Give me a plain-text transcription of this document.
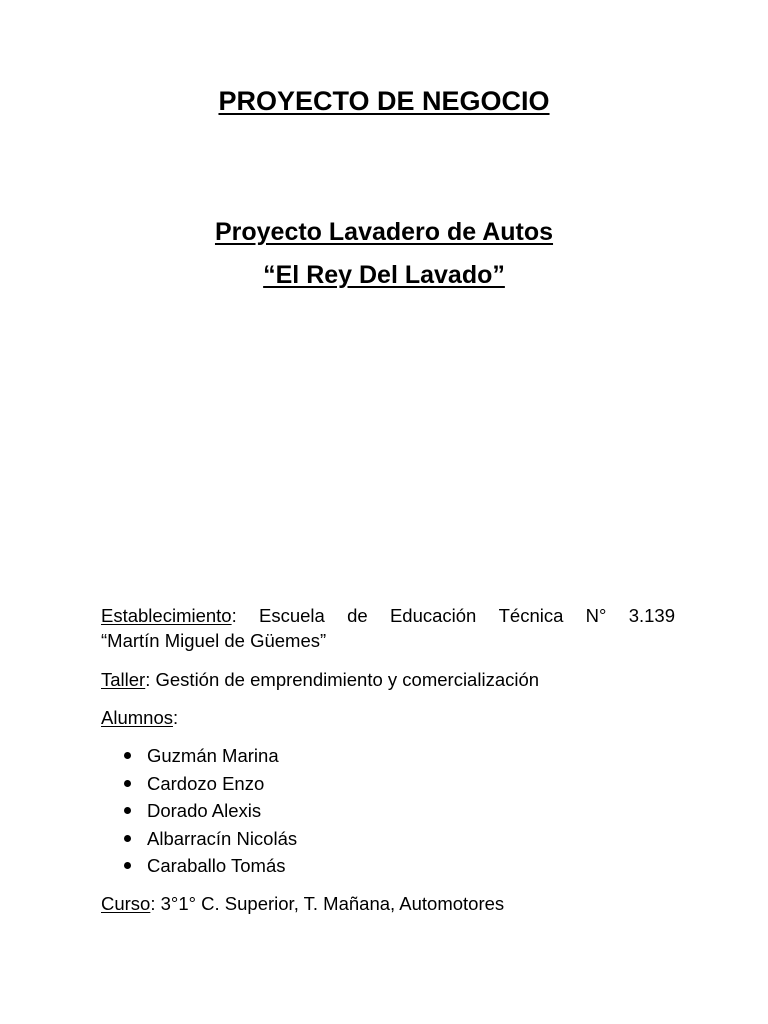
PROYECTO DE NEGOCIO
Proyecto Lavadero de Autos
“El Rey Del Lavado”
Establecimiento: Escuela de Educación Técnica N° 3.139
“Martín Miguel de Güemes”
Taller: Gestión de emprendimiento y comercialización
Alumnos:
Guzmán Marina
Cardozo Enzo
Dorado Alexis
Albarracín Nicolás
Caraballo Tomás
Curso: 3°1° C. Superior, T. Mañana, Automotores
